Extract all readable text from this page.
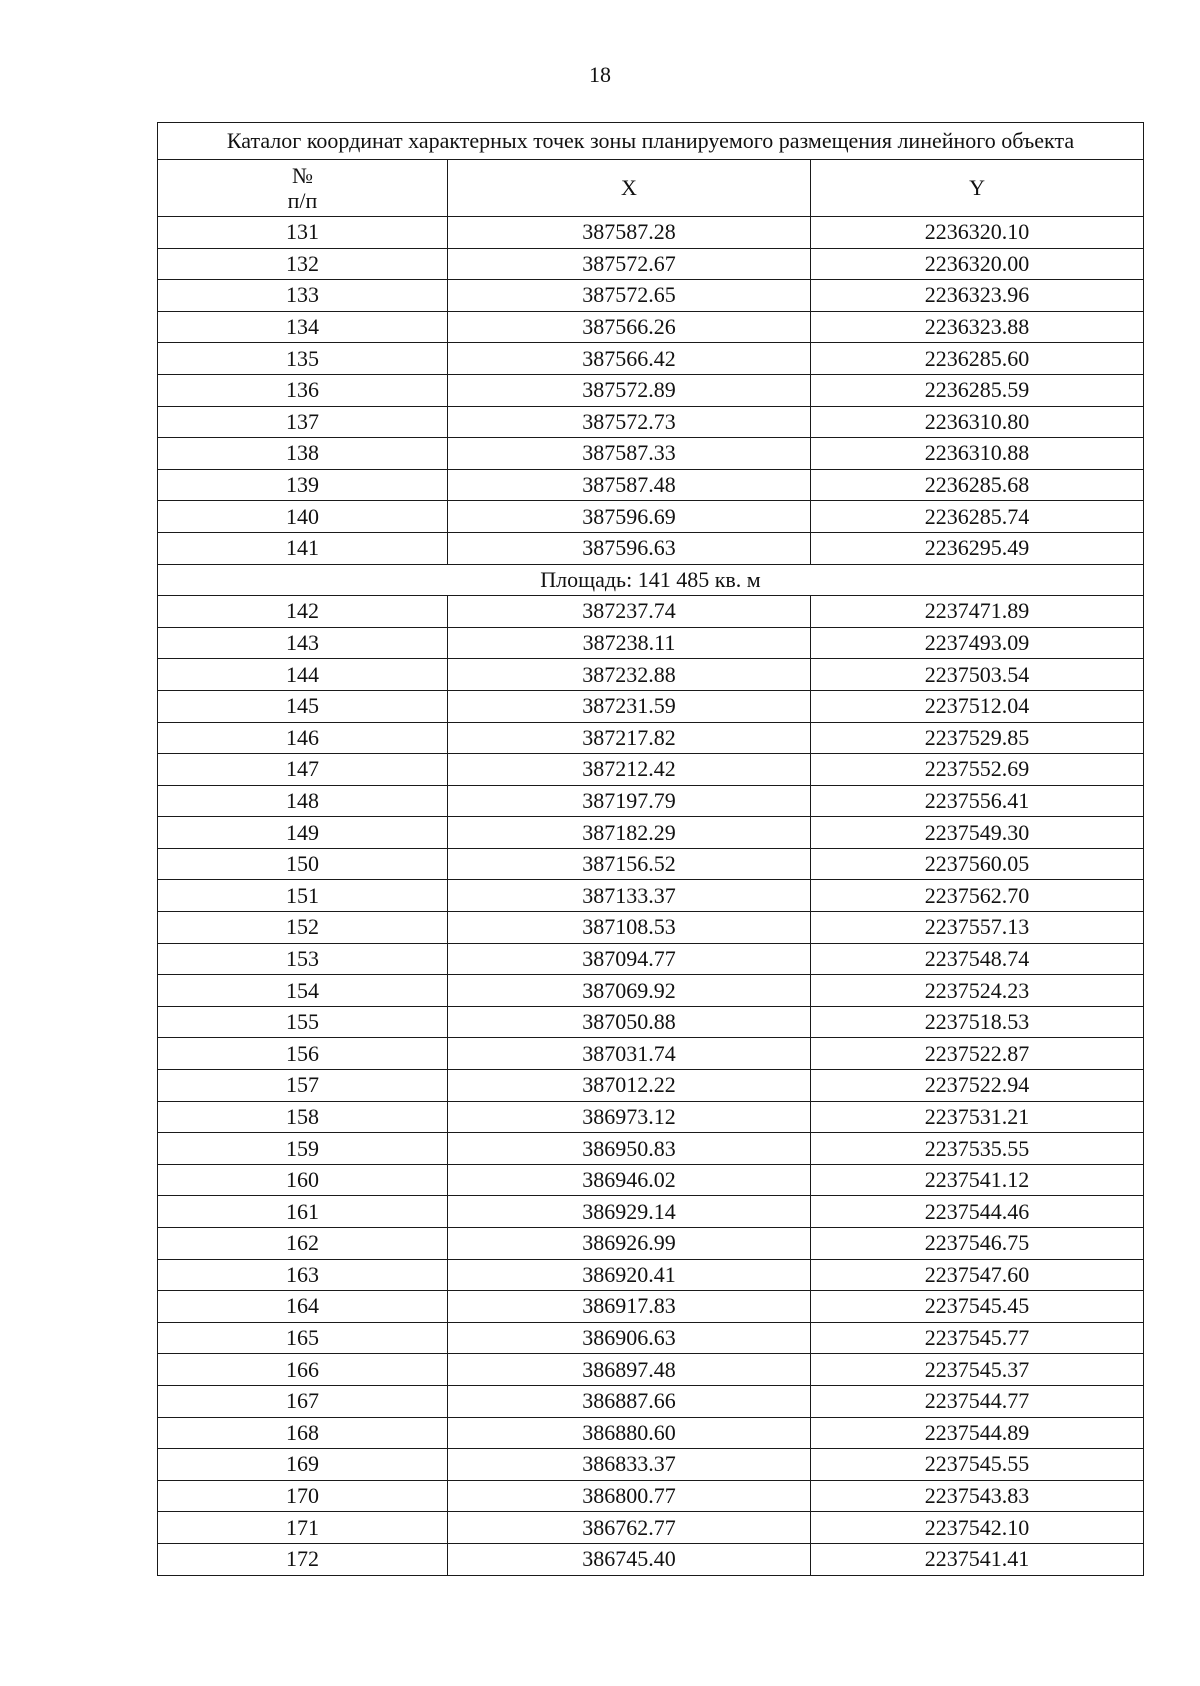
18
Каталог координат характерных точек зоны планируемого размещения линейного объекта		

№
п/п	X	Y
131	387587.28	2236320.10
132	387572.67	2236320.00
133	387572.65	2236323.96
134	387566.26	2236323.88
135	387566.42	2236285.60
136	387572.89	2236285.59
137	387572.73	2236310.80
138	387587.33	2236310.88
139	387587.48	2236285.68
140	387596.69	2236285.74
141	387596.63	2236295.49
Площадь: 141 485 кв. м		
142	387237.74	2237471.89
143	387238.11	2237493.09
144	387232.88	2237503.54
145	387231.59	2237512.04
146	387217.82	2237529.85
147	387212.42	2237552.69
148	387197.79	2237556.41
149	387182.29	2237549.30
150	387156.52	2237560.05
151	387133.37	2237562.70
152	387108.53	2237557.13
153	387094.77	2237548.74
154	387069.92	2237524.23
155	387050.88	2237518.53
156	387031.74	2237522.87
157	387012.22	2237522.94
158	386973.12	2237531.21
159	386950.83	2237535.55
160	386946.02	2237541.12
161	386929.14	2237544.46
162	386926.99	2237546.75
163	386920.41	2237547.60
164	386917.83	2237545.45
165	386906.63	2237545.77
166	386897.48	2237545.37
167	386887.66	2237544.77
168	386880.60	2237544.89
169	386833.37	2237545.55
170	386800.77	2237543.83
171	386762.77	2237542.10
172	386745.40	2237541.41
